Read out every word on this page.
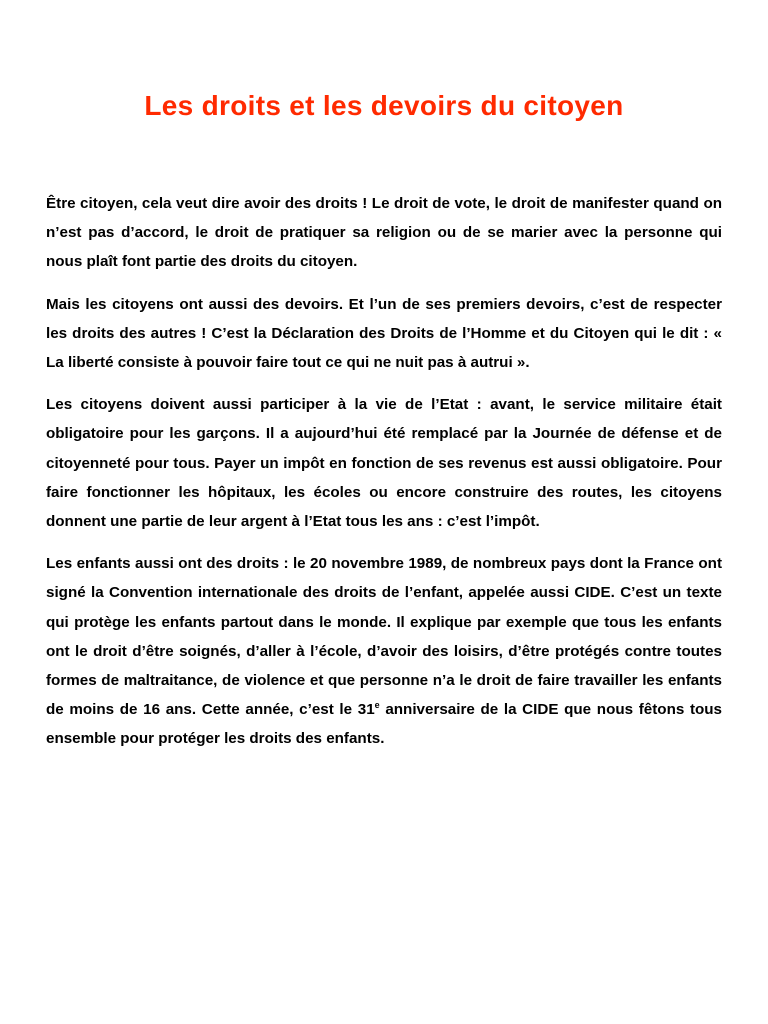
Les droits et les devoirs du citoyen

Être citoyen, cela veut dire avoir des droits ! Le droit de vote, le droit de manifester quand on n’est pas d’accord, le droit de pratiquer sa religion ou de se marier avec la personne qui nous plaît font partie des droits du citoyen.

Mais les citoyens ont aussi des devoirs. Et l’un de ses premiers devoirs, c’est de respecter les droits des autres ! C’est la Déclaration des Droits de l’Homme et du Citoyen qui le dit : « La liberté consiste à pouvoir faire tout ce qui ne nuit pas à autrui ».

Les citoyens doivent aussi participer à la vie de l’Etat : avant, le service militaire était obligatoire pour les garçons. Il a aujourd’hui été remplacé par la Journée de défense et de citoyenneté pour tous. Payer un impôt en fonction de ses revenus est aussi obligatoire. Pour faire fonctionner les hôpitaux, les écoles ou encore construire des routes, les citoyens donnent une partie de leur argent à l’Etat tous les ans : c’est l’impôt.

Les enfants aussi ont des droits : le 20 novembre 1989, de nombreux pays dont la France ont signé la Convention internationale des droits de l’enfant, appelée aussi CIDE. C’est un texte qui protège les enfants partout dans le monde. Il explique par exemple que tous les enfants ont le droit d’être soignés, d’aller à l’école, d’avoir des loisirs, d’être protégés contre toutes formes de maltraitance, de violence et que personne n’a le droit de faire travailler les enfants de moins de 16 ans. Cette année, c’est le 31e anniversaire de la CIDE que nous fêtons tous ensemble pour protéger les droits des enfants.
